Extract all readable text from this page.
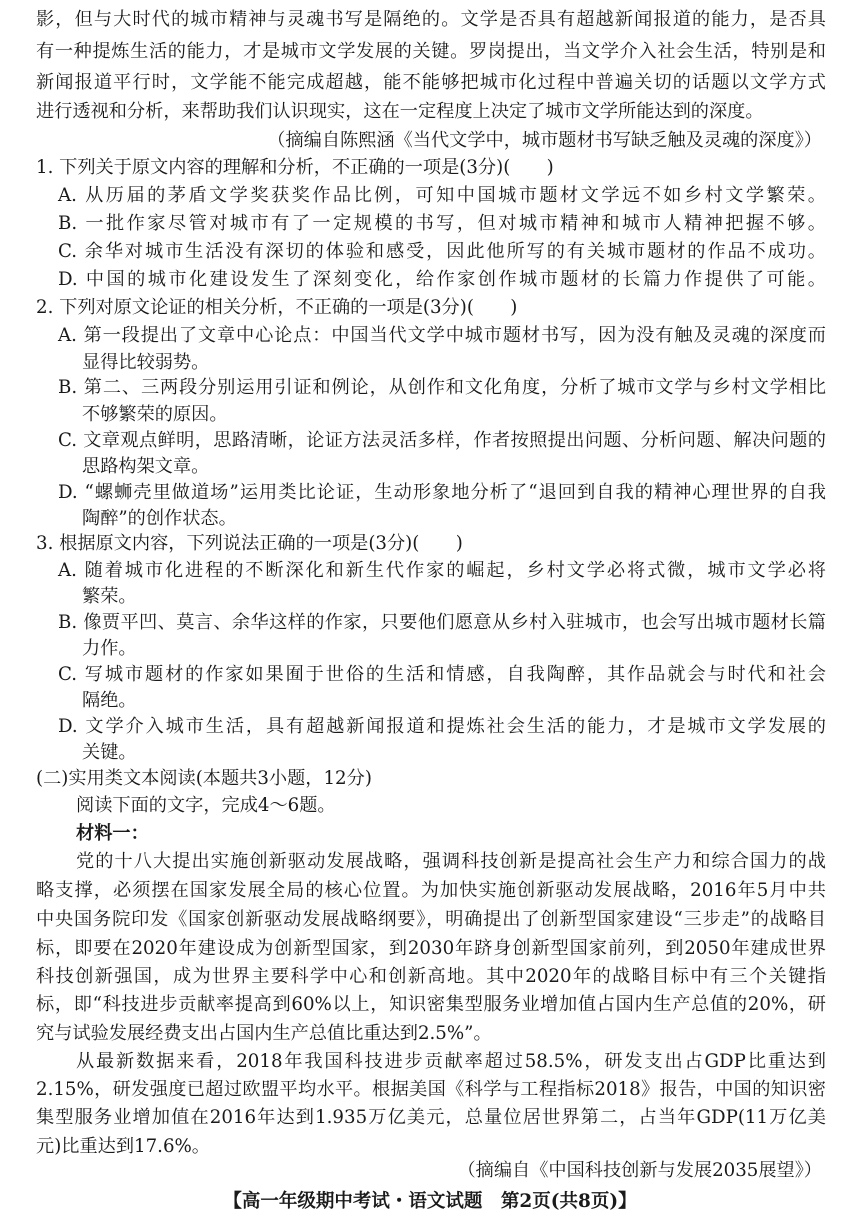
影，但与大时代的城市精神与灵魂书写是隔绝的。文学是否具有超越新闻报道的能力，是否具
有一种提炼生活的能力，才是城市文学发展的关键。罗岗提出，当文学介入社会生活，特别是和
新闻报道平行时，文学能不能完成超越，能不能够把城市化过程中普遍关切的话题以文学方式
进行透视和分析，来帮助我们认识现实，这在一定程度上决定了城市文学所能达到的深度。
（摘编自陈熙涵《当代文学中，城市题材书写缺乏触及灵魂的深度》）
1. 下列关于原文内容的理解和分析，不正确的一项是(3分)(　　)
A. 从历届的茅盾文学奖获奖作品比例，可知中国城市题材文学远不如乡村文学繁荣。
B. 一批作家尽管对城市有了一定规模的书写，但对城市精神和城市人精神把握不够。
C. 余华对城市生活没有深切的体验和感受，因此他所写的有关城市题材的作品不成功。
D. 中国的城市化建设发生了深刻变化，给作家创作城市题材的长篇力作提供了可能。
2. 下列对原文论证的相关分析，不正确的一项是(3分)(　　)
A. 第一段提出了文章中心论点：中国当代文学中城市题材书写，因为没有触及灵魂的深度而
显得比较弱势。
B. 第二、三两段分别运用引证和例论，从创作和文化角度，分析了城市文学与乡村文学相比
不够繁荣的原因。
C. 文章观点鲜明，思路清晰，论证方法灵活多样，作者按照提出问题、分析问题、解决问题的
思路构架文章。
D. “螺蛳壳里做道场”运用类比论证，生动形象地分析了“退回到自我的精神心理世界的自我
陶醉”的创作状态。
3. 根据原文内容，下列说法正确的一项是(3分)(　　)
A. 随着城市化进程的不断深化和新生代作家的崛起，乡村文学必将式微，城市文学必将
繁荣。
B. 像贾平凹、莫言、余华这样的作家，只要他们愿意从乡村入驻城市，也会写出城市题材长篇
力作。
C. 写城市题材的作家如果囿于世俗的生活和情感，自我陶醉，其作品就会与时代和社会
隔绝。
D. 文学介入城市生活，具有超越新闻报道和提炼社会生活的能力，才是城市文学发展的
关键。
(二)实用类文本阅读(本题共3小题，12分)
阅读下面的文字，完成4～6题。
材料一：
党的十八大提出实施创新驱动发展战略，强调科技创新是提高社会生产力和综合国力的战
略支撑，必须摆在国家发展全局的核心位置。为加快实施创新驱动发展战略，2016年5月中共
中央国务院印发《国家创新驱动发展战略纲要》，明确提出了创新型国家建设“三步走”的战略目
标，即要在2020年建设成为创新型国家，到2030年跻身创新型国家前列，到2050年建成世界
科技创新强国，成为世界主要科学中心和创新高地。其中2020年的战略目标中有三个关键指
标，即“科技进步贡献率提高到60%以上，知识密集型服务业增加值占国内生产总值的20%，研
究与试验发展经费支出占国内生产总值比重达到2.5%”。
从最新数据来看，2018年我国科技进步贡献率超过58.5%，研发支出占GDP比重达到
2.15%，研发强度已超过欧盟平均水平。根据美国《科学与工程指标2018》报告，中国的知识密
集型服务业增加值在2016年达到1.935万亿美元，总量位居世界第二，占当年GDP(11万亿美
元)比重达到17.6%。
（摘编自《中国科技创新与发展2035展望》）
【高一年级期中考试・语文试题　第2页(共8页)】
